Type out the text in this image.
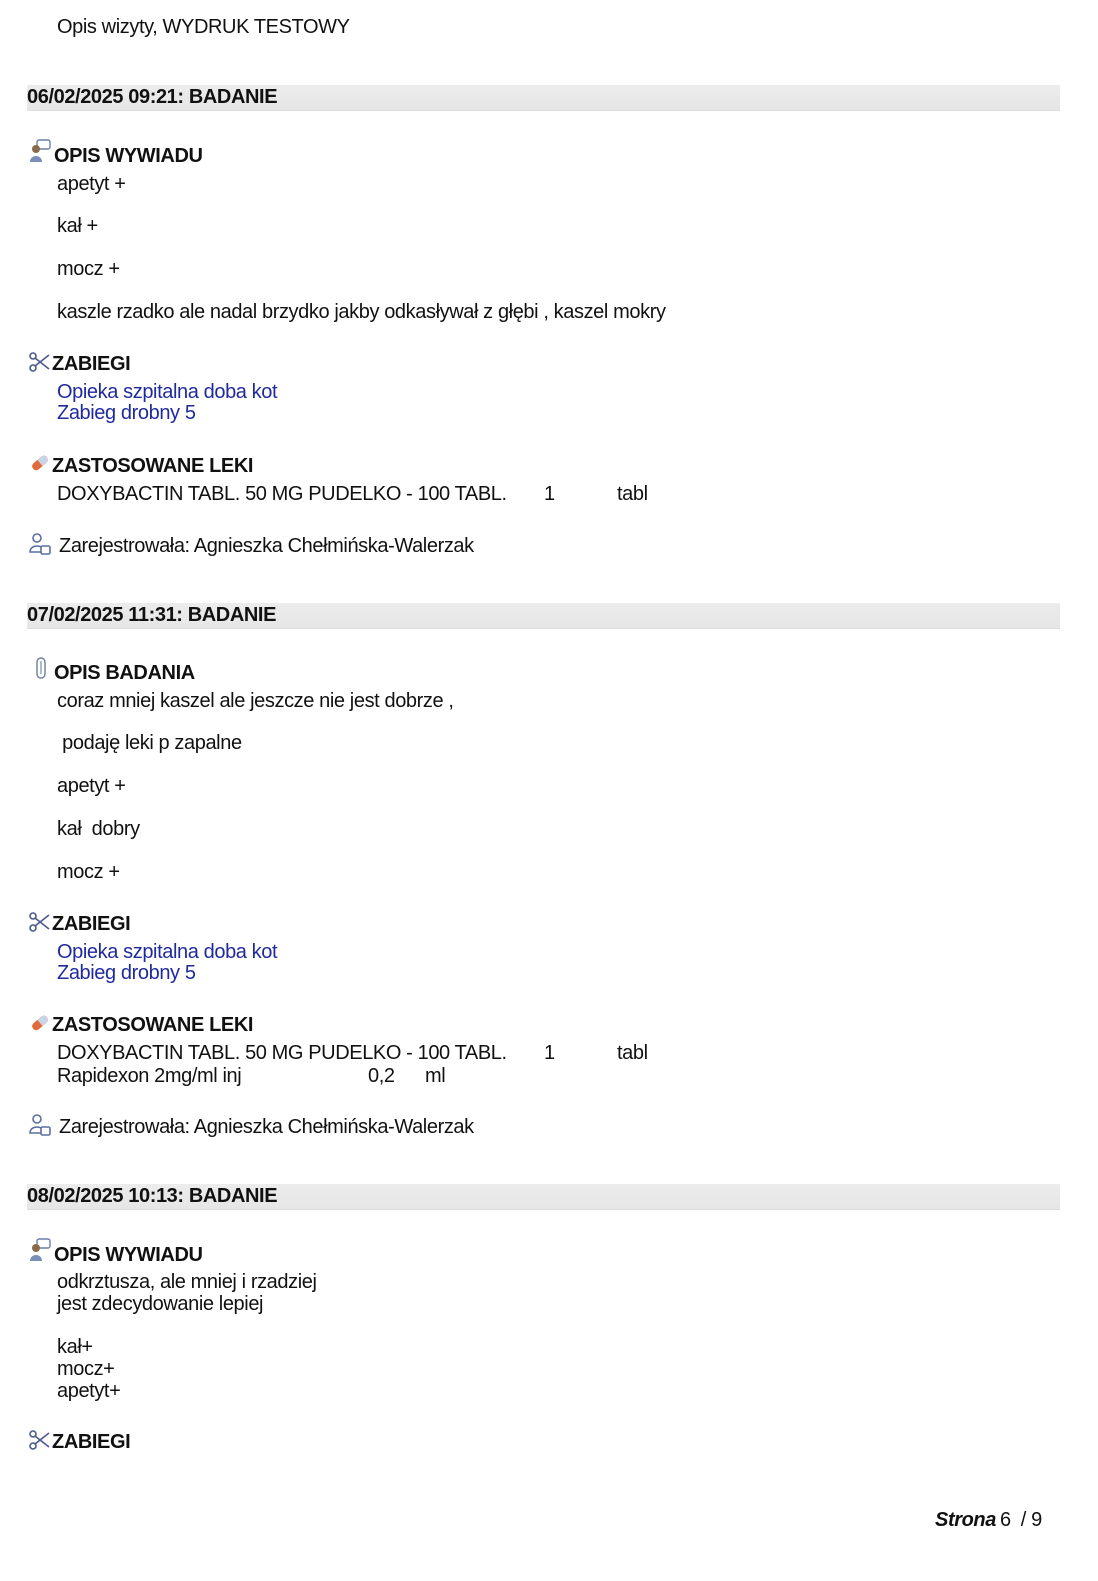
Opis wizyty, WYDRUK TESTOWY
06/02/2025 09:21: BADANIE
OPIS WYWIADU
apetyt +
kał +
mocz +
kaszle rzadko ale nadal brzydko jakby odkasływał z głębi , kaszel mokry
ZABIEGI
Opieka szpitalna doba kot
Zabieg drobny 5
ZASTOSOWANE LEKI
DOXYBACTIN TABL. 50 MG PUDELKO - 100 TABL. 1	tabl
Zarejestrowała: Agnieszka Chełmińska-Walerzak
07/02/2025 11:31: BADANIE
OPIS BADANIA
coraz mniej kaszel ale jeszcze nie jest dobrze ,
podaję leki p zapalne
apetyt +
kał  dobry
mocz +
ZABIEGI
Opieka szpitalna doba kot
Zabieg drobny 5
ZASTOSOWANE LEKI
DOXYBACTIN TABL. 50 MG PUDELKO - 100 TABL. 1	tabl
Rapidexon 2mg/ml inj	0,2 ml
Zarejestrowała: Agnieszka Chełmińska-Walerzak
08/02/2025 10:13: BADANIE
OPIS WYWIADU
odkrztusza, ale mniej i rzadziej
jest zdecydowanie lepiej
kał+
mocz+
apetyt+
ZABIEGI
Strona 6 / 9
